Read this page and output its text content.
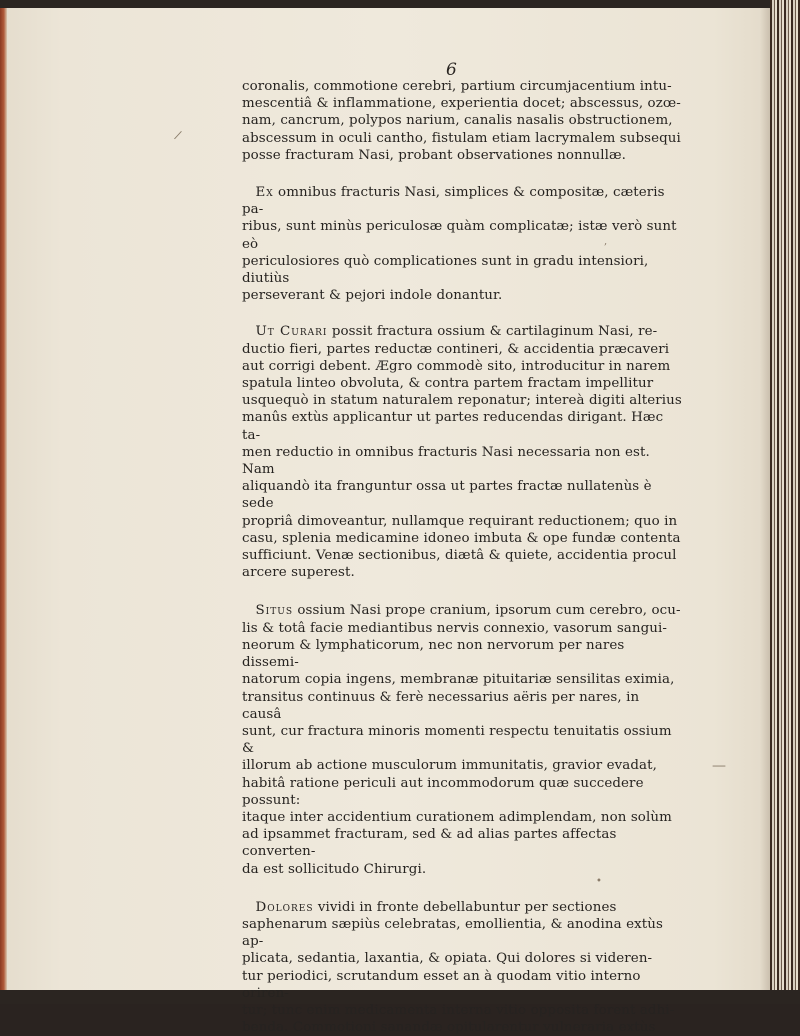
/
,
—
•
6

coronalis, commotione cerebri, partium circumjacentium intu-
mescentiâ & inflammatione, experientia docet; abscessus, ozœ-
nam, cancrum, polypos narium, canalis nasalis obstructionem,
abscessum in oculi cantho, fistulam etiam lacrymalem subsequi
posse fracturam Nasi, probant observationes nonnullæ.

 Ex omnibus fracturis Nasi, simplices & compositæ, cæteris pa-
ribus, sunt minùs periculosæ quàm complicatæ; istæ verò sunt eò
periculosiores quò complicationes sunt in gradu intensiori, diutiùs
perseverant & pejori indole donantur.

 Ut Curari possit fractura ossium & cartilaginum Nasi, re-
ductio fieri, partes reductæ contineri, & accidentia præcaveri
aut corrigi debent. Ægro commodè sito, introducitur in narem
spatula linteo obvoluta, & contra partem fractam impellitur
usquequò in statum naturalem reponatur; intereà digiti alterius
manûs extùs applicantur ut partes reducendas dirigant. Hæc ta-
men reductio in omnibus fracturis Nasi necessaria non est. Nam
aliquandò ita franguntur ossa ut partes fractæ nullatenùs è sede
propriâ dimoveantur, nullamque requirant reductionem; quo in
casu, splenia medicamine idoneo imbuta & ope fundæ contenta
sufficiunt. Venæ sectionibus, diætâ & quiete, accidentia procul
arcere superest.

 Situs ossium Nasi prope cranium, ipsorum cum cerebro, ocu-
lis & totâ facie mediantibus nervis connexio, vasorum sangui-
neorum & lymphaticorum, nec non nervorum per nares dissemi-
natorum copia ingens, membranæ pituitariæ sensilitas eximia,
transitus continuus & ferè necessarius aëris per nares, in causâ
sunt, cur fractura minoris momenti respectu tenuitatis ossium &
illorum ab actione musculorum immunitatis, gravior evadat,
habitâ ratione periculi aut incommodorum quæ succedere possunt:
itaque inter accidentium curationem adimplendam, non solùm
ad ipsammet fracturam, sed & ad alias partes affectas converten-
da est sollicitudo Chirurgi.

 Dolores vividi in fronte debellabuntur per sectiones
saphenarum sæpiùs celebratas, emollientia, & anodina extùs ap-
plicata, sedantia, laxantia, & opiata. Qui dolores si videren-
tur periodici, scrutandum esset an à quodam vitio interno oriren-
tur; tunc enim medicamenta interna vitio opposita forent adhi-
benda. Commotioni sanandæ opitularentur vulneraria extùs
